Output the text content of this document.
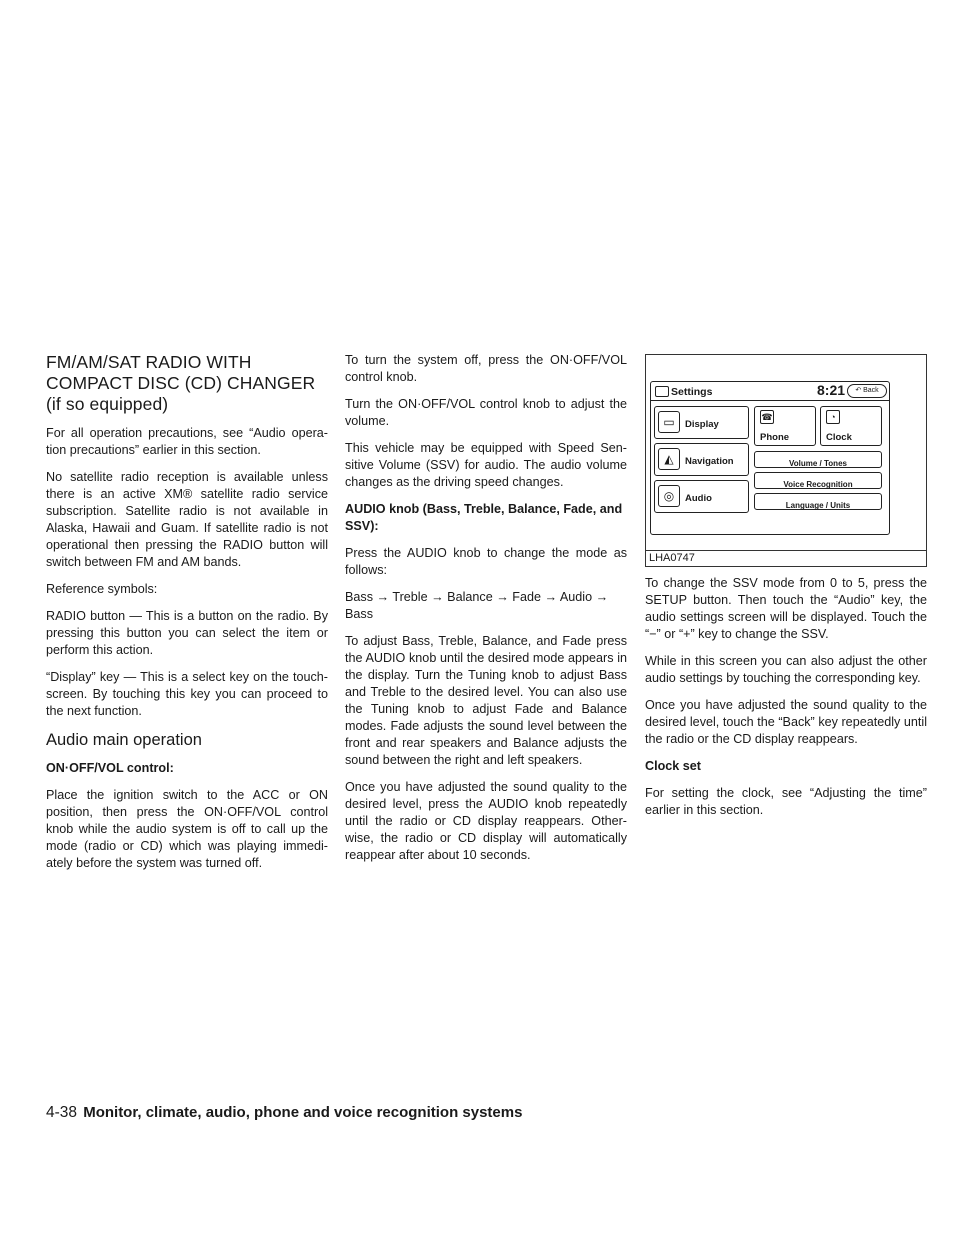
FM/AM/SAT RADIO WITH COMPACT DISC (CD) CHANGER (if so equipped)

For all operation precautions, see “Audio opera- tion precautions” earlier in this section.

No satellite radio reception is available unless there is an active XM® satellite radio service subscription. Satellite radio is not available in Alaska, Hawaii and Guam. If satellite radio is not operational then pressing the RADIO button will switch between FM and AM bands.

Reference symbols:

RADIO button — This is a button on the radio. By pressing this button you can select the item or perform this action.

“Display” key — This is a select key on the touch- screen. By touching this key you can proceed to the next function.

Audio main operation

ON·OFF/VOL control:

Place the ignition switch to the ACC or ON position, then press the ON·OFF/VOL control knob while the audio system is off to call up the mode (radio or CD) which was playing immedi- ately before the system was turned off.

To turn the system off, press the ON·OFF/VOL control knob.

Turn the ON·OFF/VOL control knob to adjust the volume.

This vehicle may be equipped with Speed Sen- sitive Volume (SSV) for audio. The audio volume changes as the driving speed changes.

AUDIO knob (Bass, Treble, Balance, Fade, and SSV):

Press the AUDIO knob to change the mode as follows:

Bass → Treble → Balance → Fade → Audio → Bass

To adjust Bass, Treble, Balance, and Fade press the AUDIO knob until the desired mode appears in the display. Turn the Tuning knob to adjust Bass and Treble to the desired level. You can also use the Tuning knob to adjust Fade and Balance modes. Fade adjusts the sound level between the front and rear speakers and Balance adjusts the sound between the right and left speakers.

Once you have adjusted the sound quality to the desired level, press the AUDIO knob repeatedly until the radio or CD display reappears. Other- wise, the radio or CD display will automatically reappear after about 10 seconds.

Settings	8:21	↶ Back
▭	Display
◭	Navigation
◎	Audio
☎
Phone
◔
Clock
Volume / Tones
Voice Recognition
Language / Units
LHA0747

To change the SSV mode from 0 to 5, press the SETUP button. Then touch the “Audio” key, the audio settings screen will be displayed. Touch the “−” or “+” key to change the SSV.

While in this screen you can also adjust the other audio settings by touching the corresponding key.

Once you have adjusted the sound quality to the desired level, touch the “Back” key repeatedly until the radio or the CD display reappears.

Clock set

For setting the clock, see “Adjusting the time” earlier in this section.

4-38 Monitor, climate, audio, phone and voice recognition systems
